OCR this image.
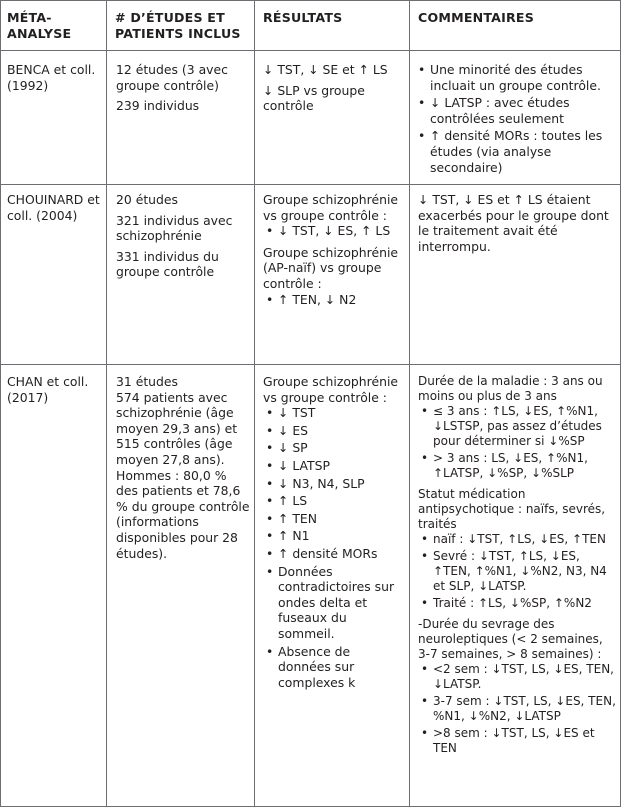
MÉTA-ANALYSE
# D’ÉTUDES ET PATIENTS INCLUS
RÉSULTATS	COMMENTAIRES
BENCA et coll. (1992)

12 études (3 avec groupe contrôle)

239 individus

↓ TST, ↓ SE et ↑ LS

↓ SLP vs groupe contrôle

• Une minorité des études incluait un groupe contrôle.
• ↓ LATSP : avec études contrôlées seulement
• ↑ densité MORs : toutes les études (via analyse secondaire)
CHOUINARD et coll. (2004)

20 études

321 individus avec schizophrénie

331 individus du groupe contrôle

Groupe schizophrénie vs groupe contrôle :
• ↓ TST, ↓ ES, ↑ LS
Groupe schizophrénie (AP-naïf) vs groupe contrôle :
• ↑ TEN, ↓ N2
↓ TST, ↓ ES et ↑ LS étaient exacerbés pour le groupe dont le traitement avait été interrompu.
CHAN et coll. (2017)
31 études
574 patients avec schizophrénie (âge moyen 29,3 ans) et 515 contrôles (âge moyen 27,8 ans).
Hommes : 80,0 % des patients et 78,6 % du groupe contrôle (informations disponibles pour 28 études).
Groupe schizophrénie vs groupe contrôle :
• ↓ TST
• ↓ ES
• ↓ SP
• ↓ LATSP
• ↓ N3, N4, SLP
• ↑ LS
• ↑ TEN
• ↑ N1
• ↑ densité MORs
• Données contradictoires sur ondes delta et fuseaux du sommeil.
• Absence de données sur complexes k
Durée de la maladie : 3 ans ou moins ou plus de 3 ans
• ≤ 3 ans : ↑LS, ↓ES, ↑%N1, ↓LSTSP, pas assez d’études pour déterminer si ↓%SP
• > 3 ans : LS, ↓ES, ↑%N1, ↑LATSP, ↓%SP, ↓%SLP
Statut médication antipsychotique : naïfs, sevrés, traités
• naïf : ↓TST, ↑LS, ↓ES, ↑TEN
• Sevré : ↓TST, ↑LS, ↓ES, ↑TEN, ↑%N1, ↓%N2, N3, N4 et SLP, ↓LATSP.
• Traité : ↑LS, ↓%SP, ↑%N2
-Durée du sevrage des neuroleptiques (< 2 semaines, 3-7 semaines, > 8 semaines) :
• <2 sem : ↓TST, LS, ↓ES, TEN, ↓LATSP.
• 3-7 sem : ↓TST, LS, ↓ES, TEN, %N1, ↓%N2, ↓LATSP
• >8 sem : ↓TST, LS, ↓ES et TEN
